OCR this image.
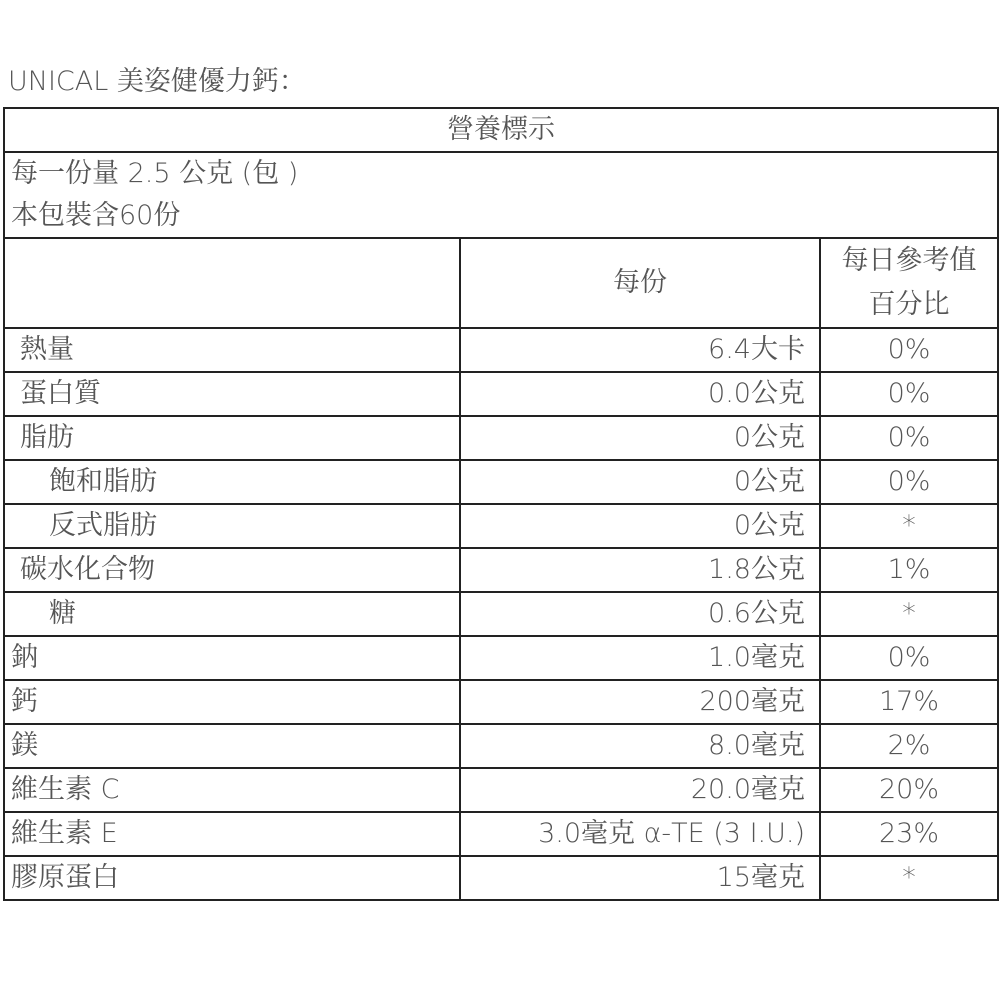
UNICAL 美姿健優力鈣：
營養標示		

每一份量 2.5 公克 (包 )
本包裝含60份		

	每份	每日參考值
百分比

熱量	6.4大卡	0%
蛋白質	0.0公克	0%
脂肪	0公克	0%
飽和脂肪	0公克	0%
反式脂肪	0公克	*
碳水化合物	1.8公克	1%
糖	0.6公克	*
鈉	1.0毫克	0%
鈣	200毫克	17%
鎂	8.0毫克	2%
維生素 C	20.0毫克	20%
維生素 E	3.0毫克 α-TE (3 I.U.)	23%
膠原蛋白	15毫克	*
